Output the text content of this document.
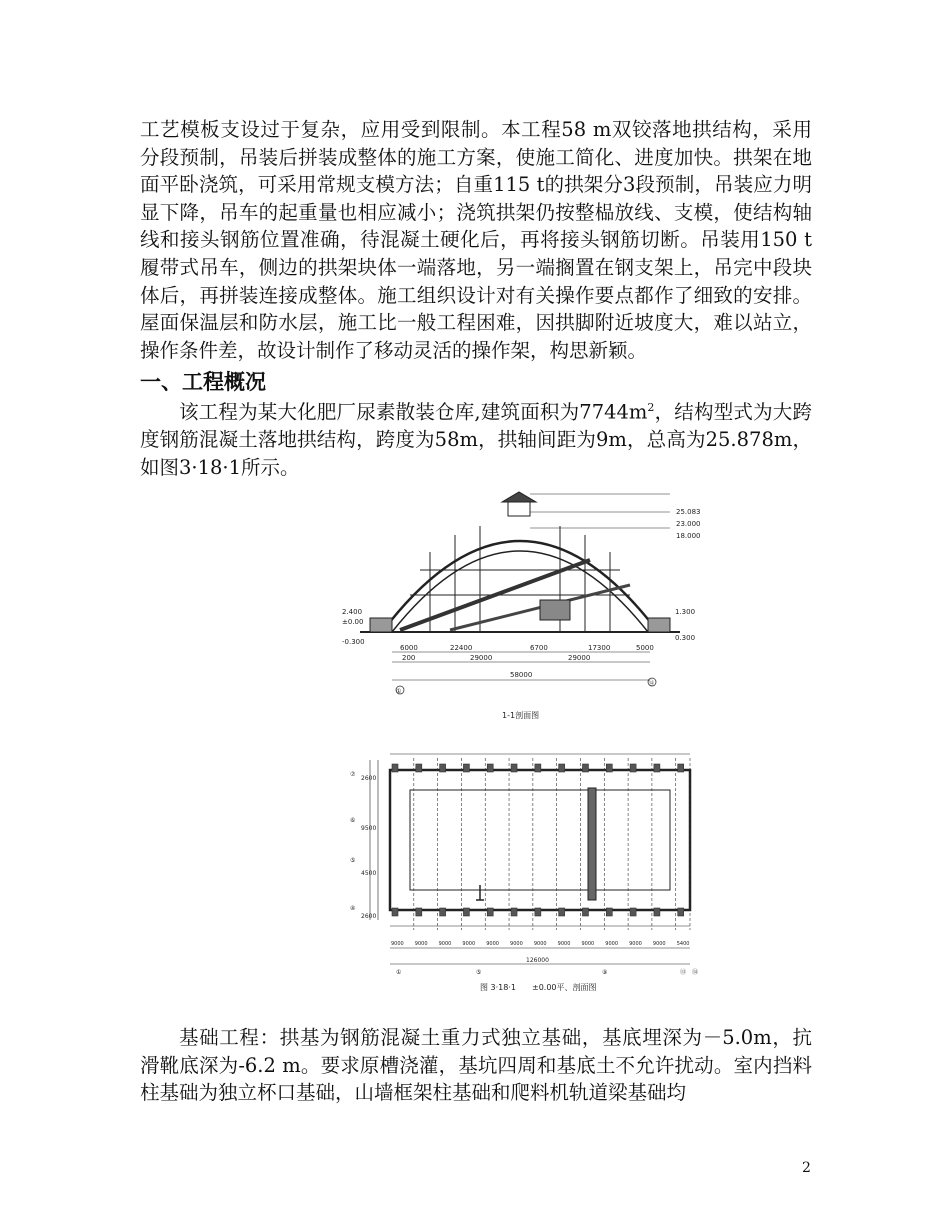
工艺模板支设过于复杂，应用受到限制。本工程58 m双铰落地拱结构，采用分段预制，吊装后拼装成整体的施工方案，使施工简化、进度加快。拱架在地面平卧浇筑，可采用常规支模方法；自重115 t的拱架分3段预制，吊装应力明显下降，吊车的起重量也相应减小；浇筑拱架仍按整榀放线、支模，使结构轴线和接头钢筋位置准确，待混凝土硬化后，再将接头钢筋切断。吊装用150 t履带式吊车，侧边的拱架块体一端落地，另一端搁置在钢支架上，吊完中段块体后，再拼装连接成整体。施工组织设计对有关操作要点都作了细致的安排。屋面保温层和防水层，施工比一般工程困难，因拱脚附近坡度大，难以站立，操作条件差，故设计制作了移动灵活的操作架，构思新颖。

一、工程概况

该工程为某大化肥厂尿素散装仓库,建筑面积为$7744m^2$，结构型式为大跨度钢筋混凝土落地拱结构，跨度为58m，拱轴间距为9m，总高为25.878m，如图3·18·1所示。

25.083
23.000
18.000
2.400
±0.00
-0.300
1.300
0.300
6000	22400	6700	17300	5000
200	29000	29000
58000
①
⑭
1-1剖面图
⑦
⑥
⑤
④
2600
9500
4500
2600
126000
①	⑤	⑨	⑬ ⑭
图 3·18·1　　±0.00平、剖面图
9000 9000 9000 9000 9000 9000 9000 9000 9000 9000 9000 9000 5400

基础工程：拱基为钢筋混凝土重力式独立基础，基底埋深为－5.0m，抗滑靴底深为-6.2 m。要求原槽浇灌，基坑四周和基底土不允许扰动。室内挡料柱基础为独立杯口基础，山墙框架柱基础和爬料机轨道梁基础均

2
